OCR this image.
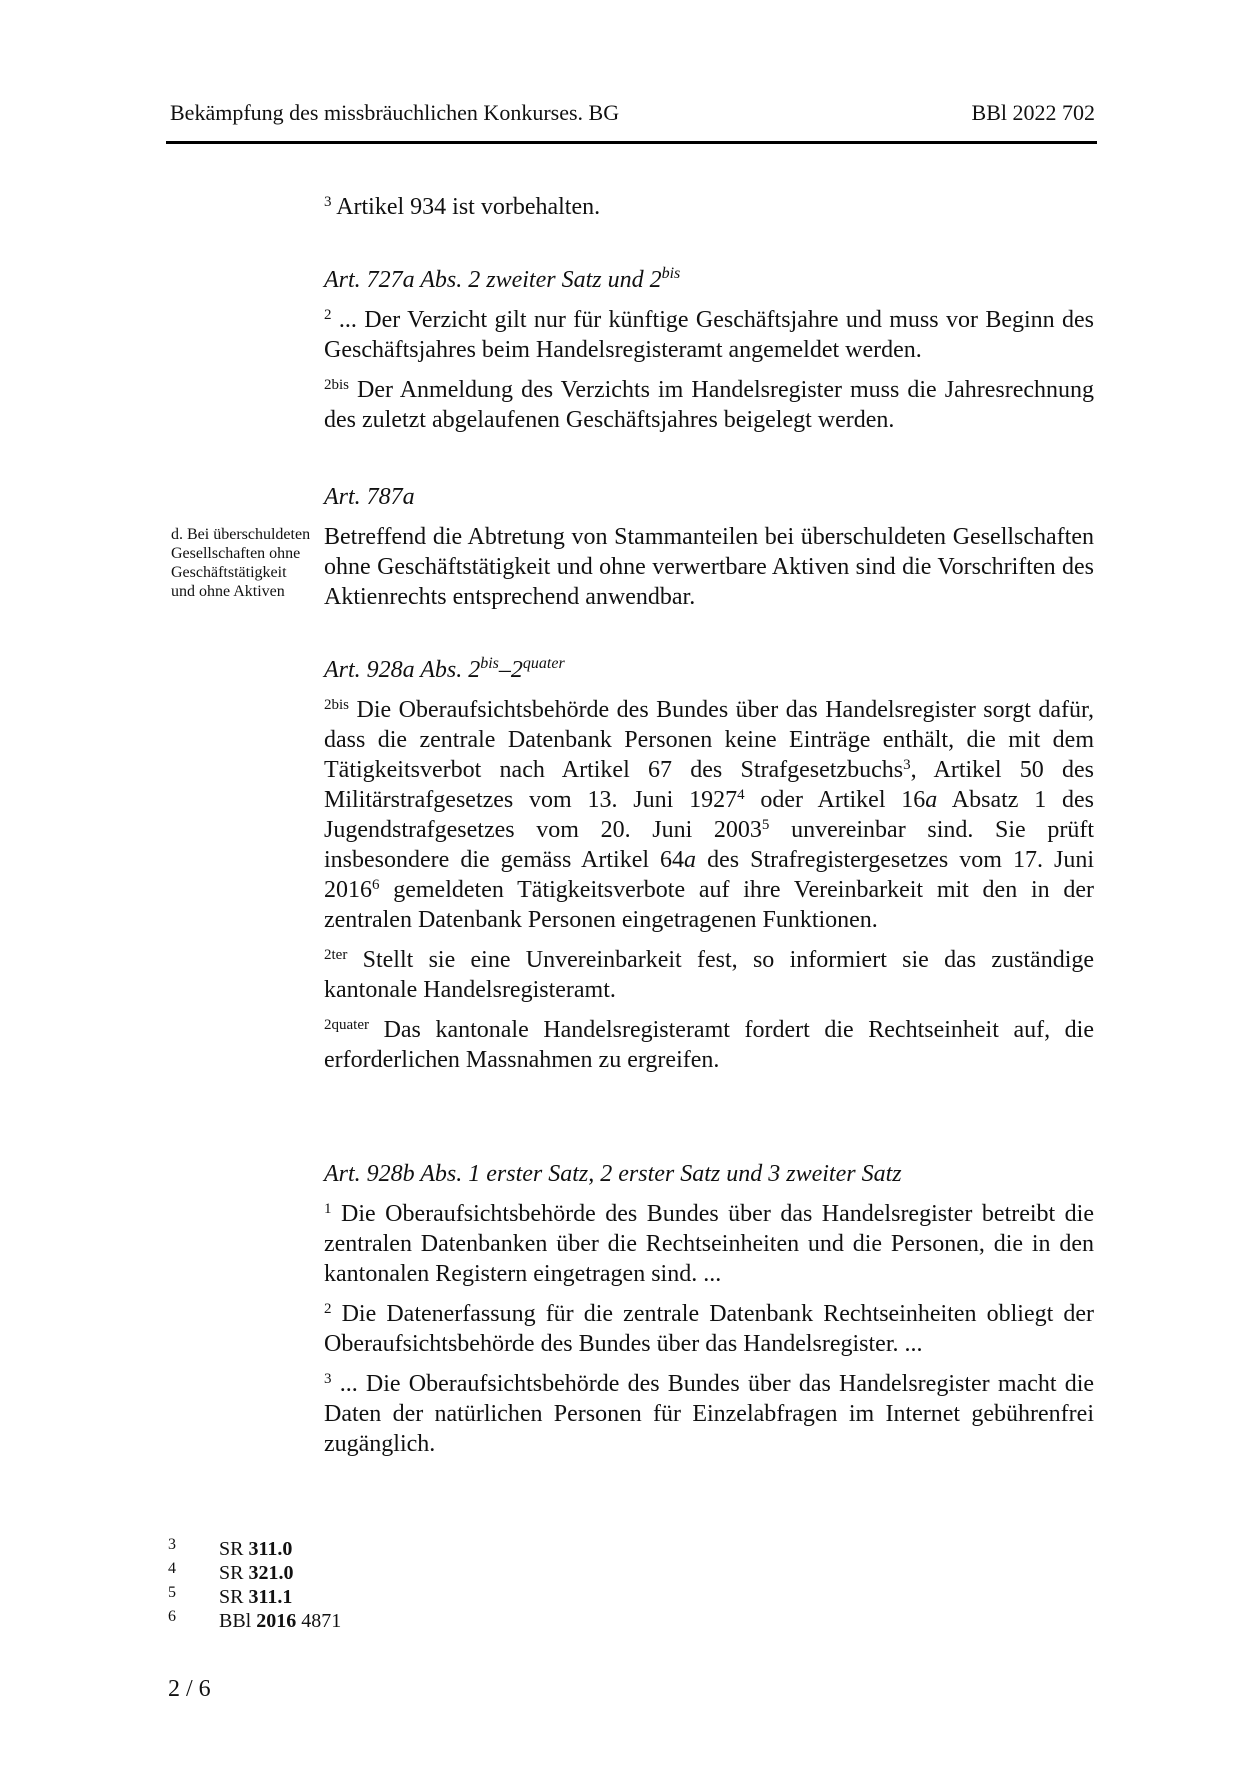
Bekämpfung des missbräuchlichen Konkurses. BG	BBl 2022 702

$^3$ Artikel 934 ist vorbehalten.

Art. 727a Abs. 2 zweiter Satz und $2^{bis}$

$^2$ ... Der Verzicht gilt nur für künftige Geschäftsjahre und muss vor Beginn des Geschäftsjahres beim Handelsregisteramt angemeldet werden.

$^{2bis}$ Der Anmeldung des Verzichts im Handelsregister muss die Jahresrechnung des zuletzt abgelaufenen Geschäftsjahres beigelegt werden.

Art. 787a

Betreffend die Abtretung von Stammanteilen bei überschuldeten Gesellschaften ohne Geschäftstätigkeit und ohne verwertbare Aktiven sind die Vorschriften des Aktienrechts entsprechend anwendbar.

d. Bei überschuldeten Gesellschaften ohne Geschäftstätigkeit und ohne Aktiven

Art. 928a Abs. $2^{bis}-2^{quater}$

$^{2bis}$ Die Oberaufsichtsbehörde des Bundes über das Handelsregister sorgt dafür, dass die zentrale Datenbank Personen keine Einträge enthält, die mit dem Tätigkeitsverbot nach Artikel 67 des Strafgesetzbuchs$^3$, Artikel 50 des Militärstrafgesetzes vom 13. Juni 1927$^4$ oder Artikel 16a Absatz 1 des Jugendstrafgesetzes vom 20. Juni 2003$^5$ unvereinbar sind. Sie prüft insbesondere die gemäss Artikel 64a des Strafregistergesetzes vom 17. Juni 2016$^6$ gemeldeten Tätigkeitsverbote auf ihre Vereinbarkeit mit den in der zentralen Datenbank Personen eingetragenen Funktionen.

$^{2ter}$ Stellt sie eine Unvereinbarkeit fest, so informiert sie das zuständige kantonale Handelsregisteramt.

$^{2quater}$ Das kantonale Handelsregisteramt fordert die Rechtseinheit auf, die erforderlichen Massnahmen zu ergreifen.

Art. 928b Abs. 1 erster Satz, 2 erster Satz und 3 zweiter Satz

$^1$ Die Oberaufsichtsbehörde des Bundes über das Handelsregister betreibt die zentralen Datenbanken über die Rechtseinheiten und die Personen, die in den kantonalen Registern eingetragen sind. ...

$^2$ Die Datenerfassung für die zentrale Datenbank Rechtseinheiten obliegt der Oberaufsichtsbehörde des Bundes über das Handelsregister. ...

$^3$ ... Die Oberaufsichtsbehörde des Bundes über das Handelsregister macht die Daten der natürlichen Personen für Einzelabfragen im Internet gebührenfrei zugänglich.

3 SR 311.0
4 SR 321.0
5 SR 311.1
6 BBl 2016 4871
2 / 6
